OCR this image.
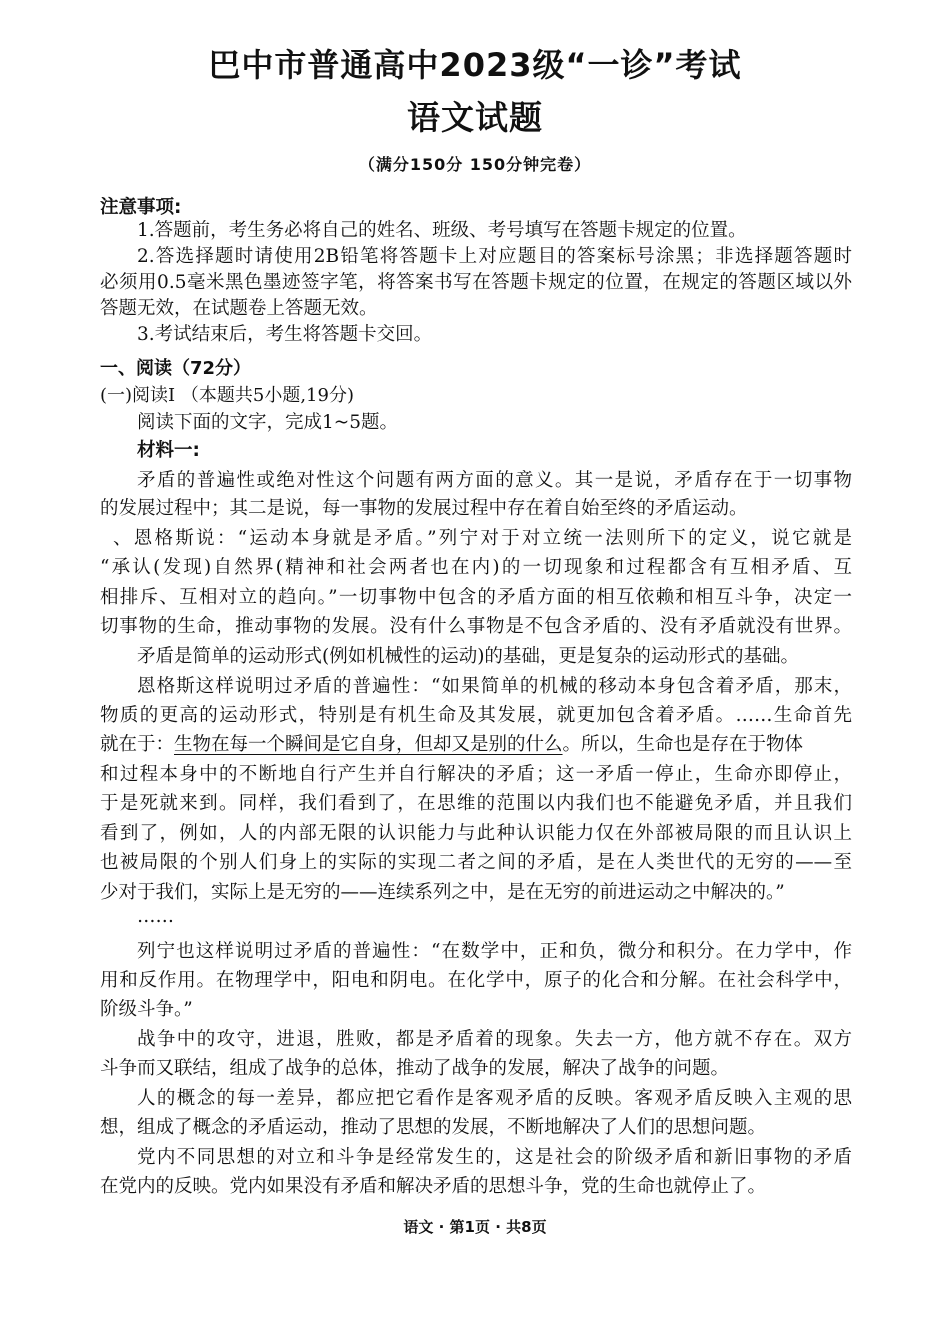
巴中市普通高中2023级“一诊”考试
语文试题
（满分150分 150分钟完卷）
注意事项:
1.答题前，考生务必将自己的姓名、班级、考号填写在答题卡规定的位置。
2.答选择题时请使用2B铅笔将答题卡上对应题目的答案标号涂黑；非选择题答题时
必须用0.5毫米黑色墨迹签字笔，将答案书写在答题卡规定的位置，在规定的答题区域以外
答题无效，在试题卷上答题无效。
3.考试结束后，考生将答题卡交回。
一、阅读（72分）
(一)阅读Ⅰ （本题共5小题,19分)
阅读下面的文字，完成1~5题。
材料一:
矛盾的普遍性或绝对性这个问题有两方面的意义。其一是说，矛盾存在于一切事物
的发展过程中；其二是说，每一事物的发展过程中存在着自始至终的矛盾运动。
、恩格斯说：“运动本身就是矛盾。”列宁对于对立统一法则所下的定义，说它就是
“承认(发现)自然界(精神和社会两者也在内)的一切现象和过程都含有互相矛盾、互
相排斥、互相对立的趋向。”一切事物中包含的矛盾方面的相互依赖和相互斗争，决定一
切事物的生命，推动事物的发展。没有什么事物是不包含矛盾的、没有矛盾就没有世界。
矛盾是简单的运动形式(例如机械性的运动)的基础，更是复杂的运动形式的基础。
恩格斯这样说明过矛盾的普遍性：“如果简单的机械的移动本身包含着矛盾，那末，
物质的更高的运动形式，特别是有机生命及其发展，就更加包含着矛盾。……生命首先
就在于：生物在每一个瞬间是它自身，但却又是别的什么。所以，生命也是存在于物体
和过程本身中的不断地自行产生并自行解决的矛盾；这一矛盾一停止，生命亦即停止，
于是死就来到。同样，我们看到了，在思维的范围以内我们也不能避免矛盾，并且我们
看到了，例如，人的内部无限的认识能力与此种认识能力仅在外部被局限的而且认识上
也被局限的个别人们身上的实际的实现二者之间的矛盾，是在人类世代的无穷的——至
少对于我们，实际上是无穷的——连续系列之中，是在无穷的前进运动之中解决的。”
……
列宁也这样说明过矛盾的普遍性：“在数学中，正和负，微分和积分。在力学中，作
用和反作用。在物理学中，阳电和阴电。在化学中，原子的化合和分解。在社会科学中，
阶级斗争。”
战争中的攻守，进退，胜败，都是矛盾着的现象。失去一方，他方就不存在。双方
斗争而又联结，组成了战争的总体，推动了战争的发展，解决了战争的问题。
人的概念的每一差异，都应把它看作是客观矛盾的反映。客观矛盾反映入主观的思
想，组成了概念的矛盾运动，推动了思想的发展，不断地解决了人们的思想问题。
党内不同思想的对立和斗争是经常发生的，这是社会的阶级矛盾和新旧事物的矛盾
在党内的反映。党内如果没有矛盾和解决矛盾的思想斗争，党的生命也就停止了。
语文 · 第1页 · 共8页
